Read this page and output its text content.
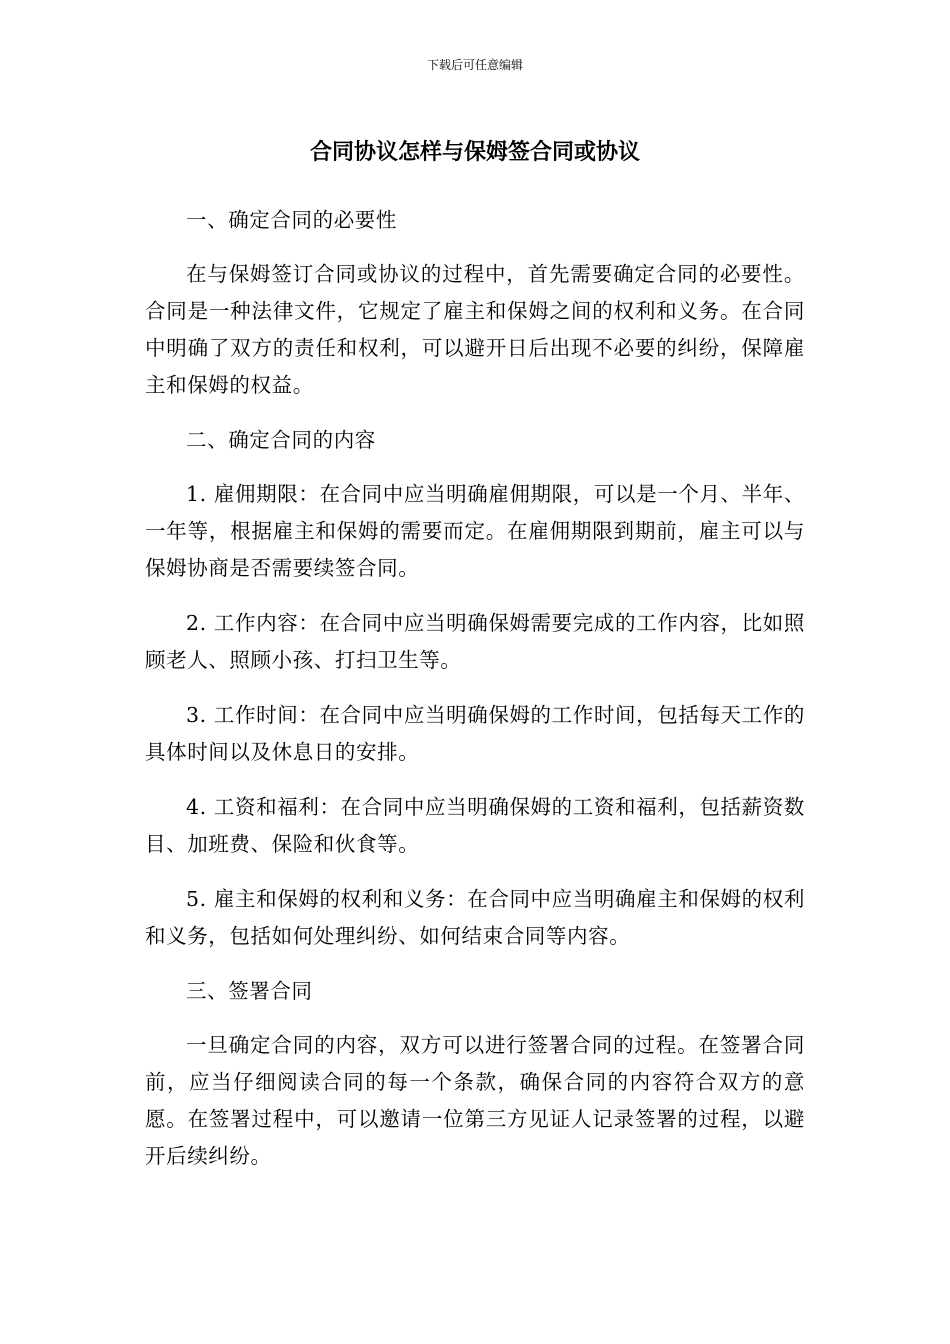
下载后可任意编辑
合同协议怎样与保姆签合同或协议

一、确定合同的必要性

在与保姆签订合同或协议的过程中，首先需要确定合同的必要性。合同是一种法律文件，它规定了雇主和保姆之间的权利和义务。在合同中明确了双方的责任和权利，可以避开日后出现不必要的纠纷，保障雇主和保姆的权益。

二、确定合同的内容

1. 雇佣期限：在合同中应当明确雇佣期限，可以是一个月、半年、一年等，根据雇主和保姆的需要而定。在雇佣期限到期前，雇主可以与保姆协商是否需要续签合同。

2. 工作内容：在合同中应当明确保姆需要完成的工作内容，比如照顾老人、照顾小孩、打扫卫生等。

3. 工作时间：在合同中应当明确保姆的工作时间，包括每天工作的具体时间以及休息日的安排。

4. 工资和福利：在合同中应当明确保姆的工资和福利，包括薪资数目、加班费、保险和伙食等。

5. 雇主和保姆的权利和义务：在合同中应当明确雇主和保姆的权利和义务，包括如何处理纠纷、如何结束合同等内容。

三、签署合同

一旦确定合同的内容，双方可以进行签署合同的过程。在签署合同前，应当仔细阅读合同的每一个条款，确保合同的内容符合双方的意愿。在签署过程中，可以邀请一位第三方见证人记录签署的过程，以避开后续纠纷。
